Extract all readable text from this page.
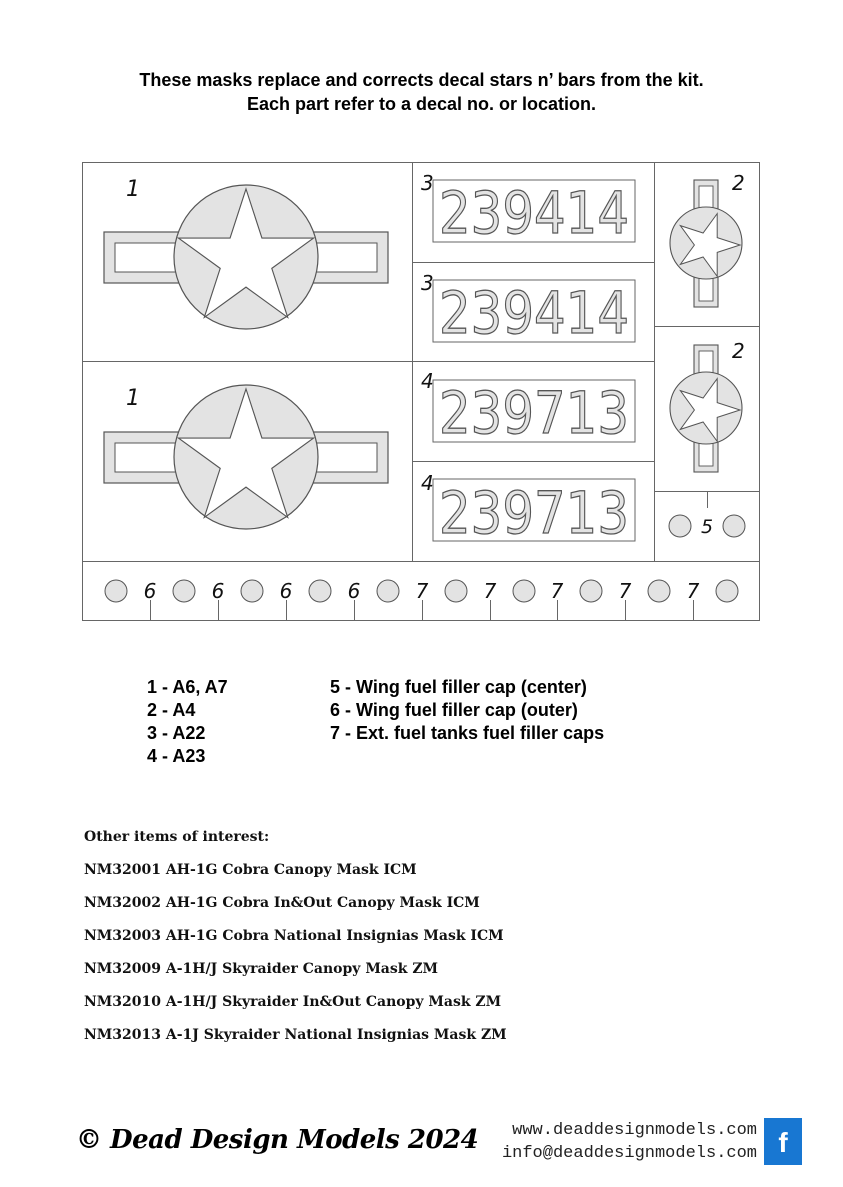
These masks replace and corrects decal stars n’ bars from the kit.
Each part refer to a decal no. or location.
1
1
3 239414
3 239414
4 239713
4 239713
2
2
5
6	6	6	6	7	7	7	7	7
1 - A6, A7
2 - A4
3 - A22
4 - A23
5 - Wing fuel filler cap (center)
6 - Wing fuel filler cap (outer)
7 - Ext. fuel tanks fuel filler caps
Other items of interest:
NM32001 AH-1G Cobra Canopy Mask ICM
NM32002 AH-1G Cobra In&Out Canopy Mask ICM
NM32003 AH-1G Cobra National Insignias Mask ICM
NM32009 A-1H/J Skyraider Canopy Mask ZM
NM32010 A-1H/J Skyraider In&Out Canopy Mask ZM
NM32013 A-1J Skyraider National Insignias Mask ZM
© Dead Design Models 2024	www.deaddesignmodels.com
info@deaddesignmodels.com f
